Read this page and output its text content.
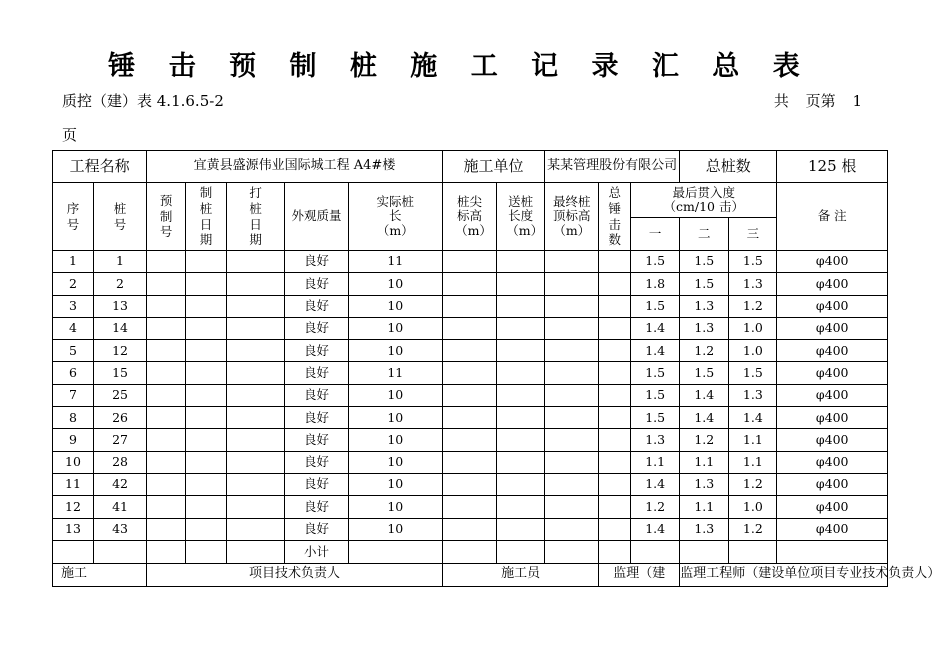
锤 击 预 制 桩 施 工 记 录 汇 总 表
质控（建）表 4.1.6.5-2	共 页第 1
页
工程名称		宜黄县盛源伟业国际城工程 A4#楼					施工单位		某某管理股份有限公司			总桩数		125 根
序号	桩号	预制号	制桩日期	打桩日期	外观质量	实际桩长（m）	桩尖标高（m）	送桩长度（m）	最终桩顶标高（m）	总锤击数	最后贯入度（cm/10 击）			备 注
											一	二	三	
1	1				良好	11					1.5	1.5	1.5	φ400
2	2				良好	10					1.8	1.5	1.3	φ400
3	13				良好	10					1.5	1.3	1.2	φ400
4	14				良好	10					1.4	1.3	1.0	φ400
5	12				良好	10					1.4	1.2	1.0	φ400
6	15				良好	11					1.5	1.5	1.5	φ400
7	25				良好	10					1.5	1.4	1.3	φ400
8	26				良好	10					1.5	1.4	1.4	φ400
9	27				良好	10					1.3	1.2	1.1	φ400
10	28				良好	10					1.1	1.1	1.1	φ400
11	42				良好	10					1.4	1.3	1.2	φ400
12	41				良好	10					1.2	1.1	1.0	φ400
13	43				良好	10					1.4	1.3	1.2	φ400
					小计									
施工		项目技术负责人					施工员			监理（建		监理工程师（建设单位项目专业技术负责人）		
